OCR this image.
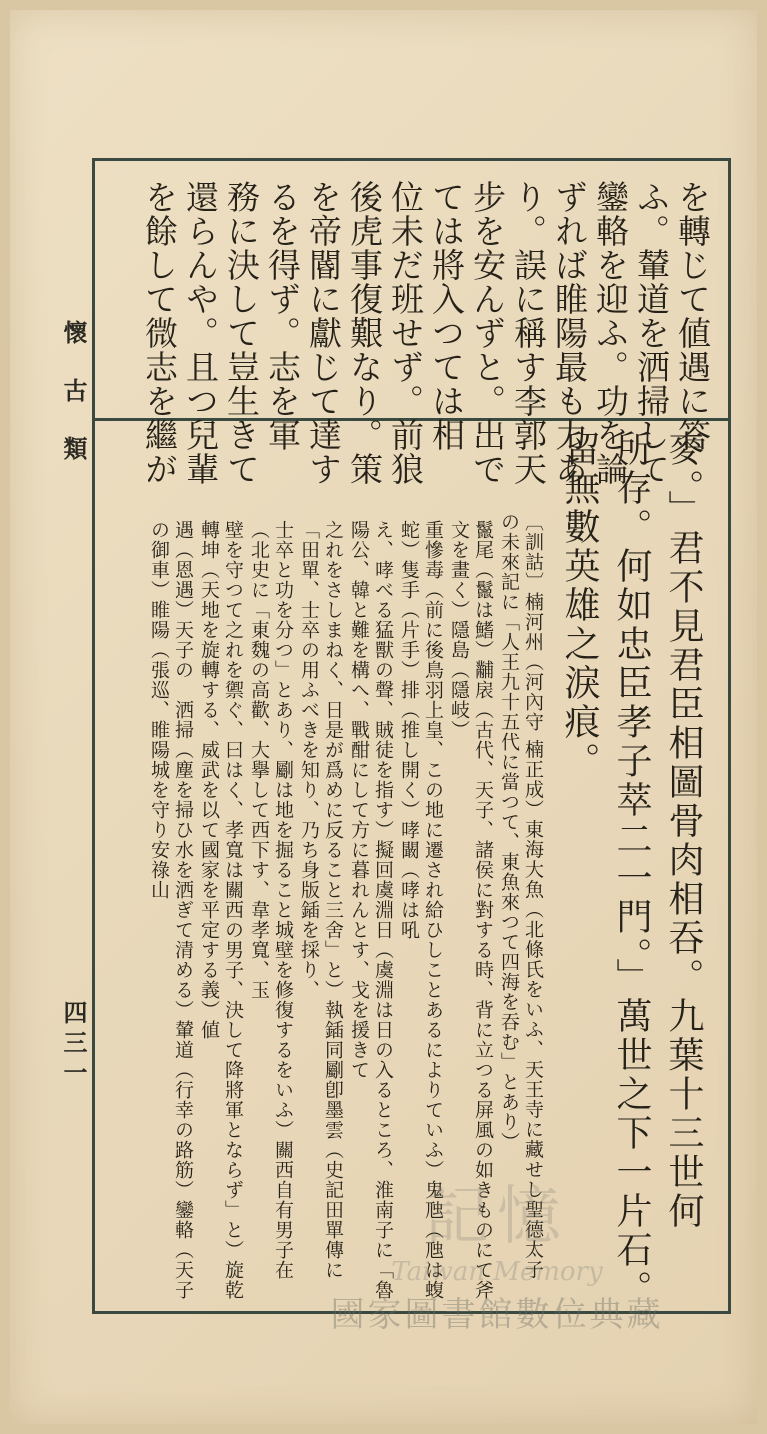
懷古類
四三一
を轉じて値遇に答
ふ。輦道を洒掃して
鑾輅を迎ふ。功を論
ずれば睢陽最も力あ
り。誤に稱す李郭天
步を安んずと。出で
ては將入つては相
位未だ班せず。前狼
後虎事復艱なり。策
を帝閽に獻じて達す
るを得ず。志を軍
務に決して豈生きて
還らんや。且つ兒輩
を餘して微志を繼が
麥。」君不見君臣相圖骨肉相吞。九葉十三世何
所存。何如忠臣孝子萃二一門。」萬世之下一片石。
留無數英雄之淚痕。
〔訓詁〕楠河州（河內守 楠正成）東海大魚（北條氏をいふ、天王寺に藏せし聖德太子の未來記に「人王九十五代に當つて、東魚來つて四海を吞む」とあり）
鬣尾（鬣は鰭）黼扆（古代、天子、諸侯に對する時、背に立つる屏風の如きものにて斧文を畫く）隱島（隱岐）
重慘毒（前に後鳥羽上皇、この地に遷され給ひしことあるによりていふ）鬼虺（虺は蝮蛇）隻手（片手）排（推し開く）哮闞（哮は吼
え、哮べる猛獸の聲、賊徒を指す）擬回虞淵日（虞淵は日の入るところ、淮南子に「魯陽公、韓と難を構へ、戰酣にして方に暮れんとす、戈を援きて
之れをさしまねく、日是が爲めに反ること三舍」と）執鍤同劚卽墨雲（史記田單傳に「田單、士卒の用ふべきを知り、乃ち身版鍤を採り、
士卒と功を分つ」とあり、劚は地を掘ること城壁を修復するをいふ）關西自有男子在（北史に「東魏の高歡、大擧して西下す、韋孝寬、玉
壁を守つて之れを禦ぐ、曰はく、孝寬は關西の男子、決して降將軍とならず」と）旋乾轉坤（天地を旋轉する、威武を以て國家を平定する義）値
遇（恩遇）天子の　洒掃（塵を掃ひ水を洒ぎて清める）輦道（行幸の路筋）鑾輅（天子の御車）睢陽（張巡、睢陽城を守り安祿山
記憶
Taiwan Memory
國家圖書館數位典藏
